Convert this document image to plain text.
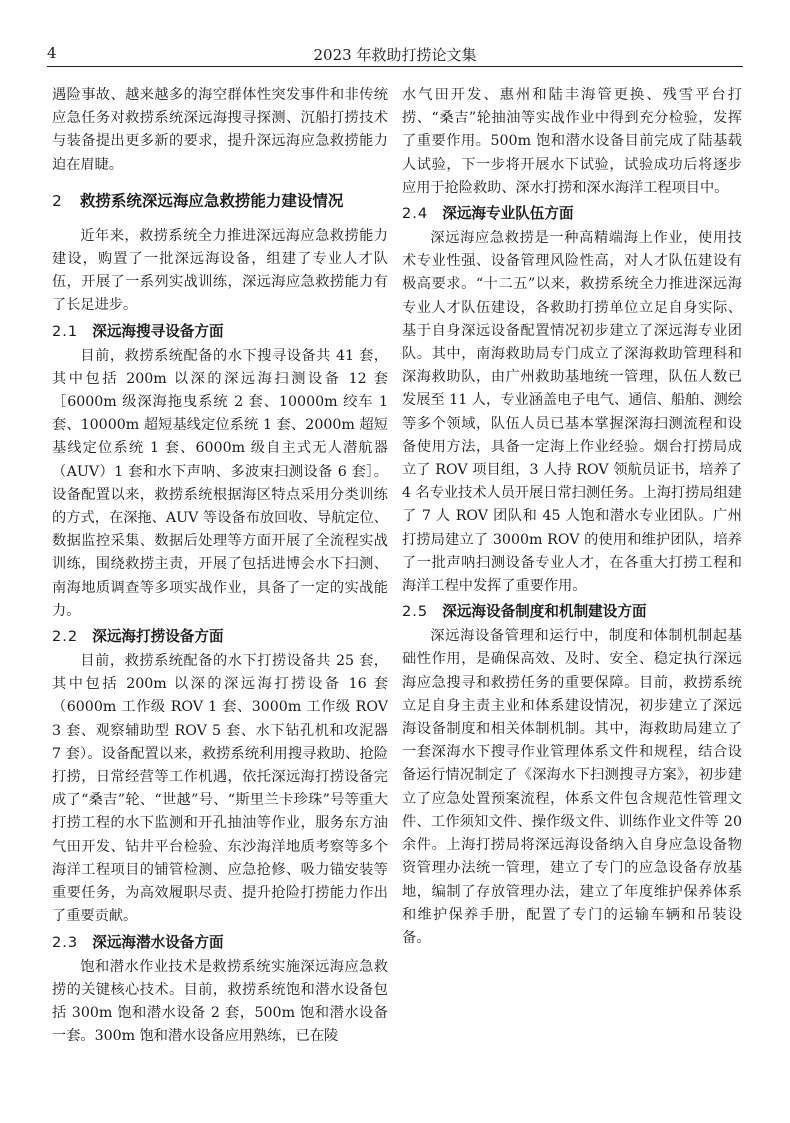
4	2023 年救助打捞论文集

遇险事故、越来越多的海空群体性突发事件和非传统应急任务对救捞系统深远海搜寻探测、沉船打捞技术与装备提出更多新的要求，提升深远海应急救捞能力迫在眉睫。

2 救捞系统深远海应急救捞能力建设情况

近年来，救捞系统全力推进深远海应急救捞能力建设，购置了一批深远海设备，组建了专业人才队伍，开展了一系列实战训练，深远海应急救捞能力有了长足进步。

2.1 深远海搜寻设备方面

目前，救捞系统配备的水下搜寻设备共 41 套，其中包括 200m 以深的深远海扫测设备 12 套［6000m 级深海拖曳系统 2 套、10000m 绞车 1 套、10000m 超短基线定位系统 1 套、2000m 超短基线定位系统 1 套、6000m 级自主式无人潜航器（AUV）1 套和水下声呐、多波束扫测设备 6 套］。设备配置以来，救捞系统根据海区特点采用分类训练的方式，在深拖、AUV 等设备布放回收、导航定位、数据监控采集、数据后处理等方面开展了全流程实战训练，围绕救捞主责，开展了包括进博会水下扫测、南海地质调查等多项实战作业，具备了一定的实战能力。

2.2 深远海打捞设备方面

目前，救捞系统配备的水下打捞设备共 25 套，其中包括 200m 以深的深远海打捞设备 16 套（6000m 工作级 ROV 1 套、3000m 工作级 ROV 3 套、观察辅助型 ROV 5 套、水下钻孔机和攻泥器 7 套）。设备配置以来，救捞系统利用搜寻救助、抢险打捞，日常经营等工作机遇，依托深远海打捞设备完成了“桑吉”轮、“世越”号、“斯里兰卡珍珠”号等重大打捞工程的水下监测和开孔抽油等作业，服务东方油气田开发、钻井平台检验、东沙海洋地质考察等多个海洋工程项目的铺管检测、应急抢修、吸力锚安装等重要任务，为高效履职尽责、提升抢险打捞能力作出了重要贡献。

2.3 深远海潜水设备方面

饱和潜水作业技术是救捞系统实施深远海应急救捞的关键核心技术。目前，救捞系统饱和潜水设备包括 300m 饱和潜水设备 2 套，500m 饱和潜水设备一套。300m 饱和潜水设备应用熟练，已在陵

水气田开发、惠州和陆丰海管更换、残雪平台打捞、“桑吉”轮抽油等实战作业中得到充分检验，发挥了重要作用。500m 饱和潜水设备目前完成了陆基载人试验，下一步将开展水下试验，试验成功后将逐步应用于抢险救助、深水打捞和深水海洋工程项目中。

2.4 深远海专业队伍方面

深远海应急救捞是一种高精端海上作业，使用技术专业性强、设备管理风险性高，对人才队伍建设有极高要求。“十二五”以来，救捞系统全力推进深远海专业人才队伍建设，各救助打捞单位立足自身实际、基于自身深远设备配置情况初步建立了深远海专业团队。其中，南海救助局专门成立了深海救助管理科和深海救助队，由广州救助基地统一管理，队伍人数已发展至 11 人，专业涵盖电子电气、通信、船舶、测绘等多个领域，队伍人员已基本掌握深海扫测流程和设备使用方法，具备一定海上作业经验。烟台打捞局成立了 ROV 项目组，3 人持 ROV 领航员证书，培养了 4 名专业技术人员开展日常扫测任务。上海打捞局组建了 7 人 ROV 团队和 45 人饱和潜水专业团队。广州打捞局建立了 3000m ROV 的使用和维护团队，培养了一批声呐扫测设备专业人才，在各重大打捞工程和海洋工程中发挥了重要作用。

2.5 深远海设备制度和机制建设方面

深远海设备管理和运行中，制度和体制机制起基础性作用，是确保高效、及时、安全、稳定执行深远海应急搜寻和救捞任务的重要保障。目前，救捞系统立足自身主责主业和体系建设情况，初步建立了深远海设备制度和相关体制机制。其中，海救助局建立了一套深海水下搜寻作业管理体系文件和规程，结合设备运行情况制定了《深海水下扫测搜寻方案》，初步建立了应急处置预案流程，体系文件包含规范性管理文件、工作须知文件、操作级文件、训练作业文件等 20 余件。上海打捞局将深远海设备纳入自身应急设备物资管理办法统一管理，建立了专门的应急设备存放基地，编制了存放管理办法，建立了年度维护保养体系和维护保养手册，配置了专门的运输车辆和吊装设备。
